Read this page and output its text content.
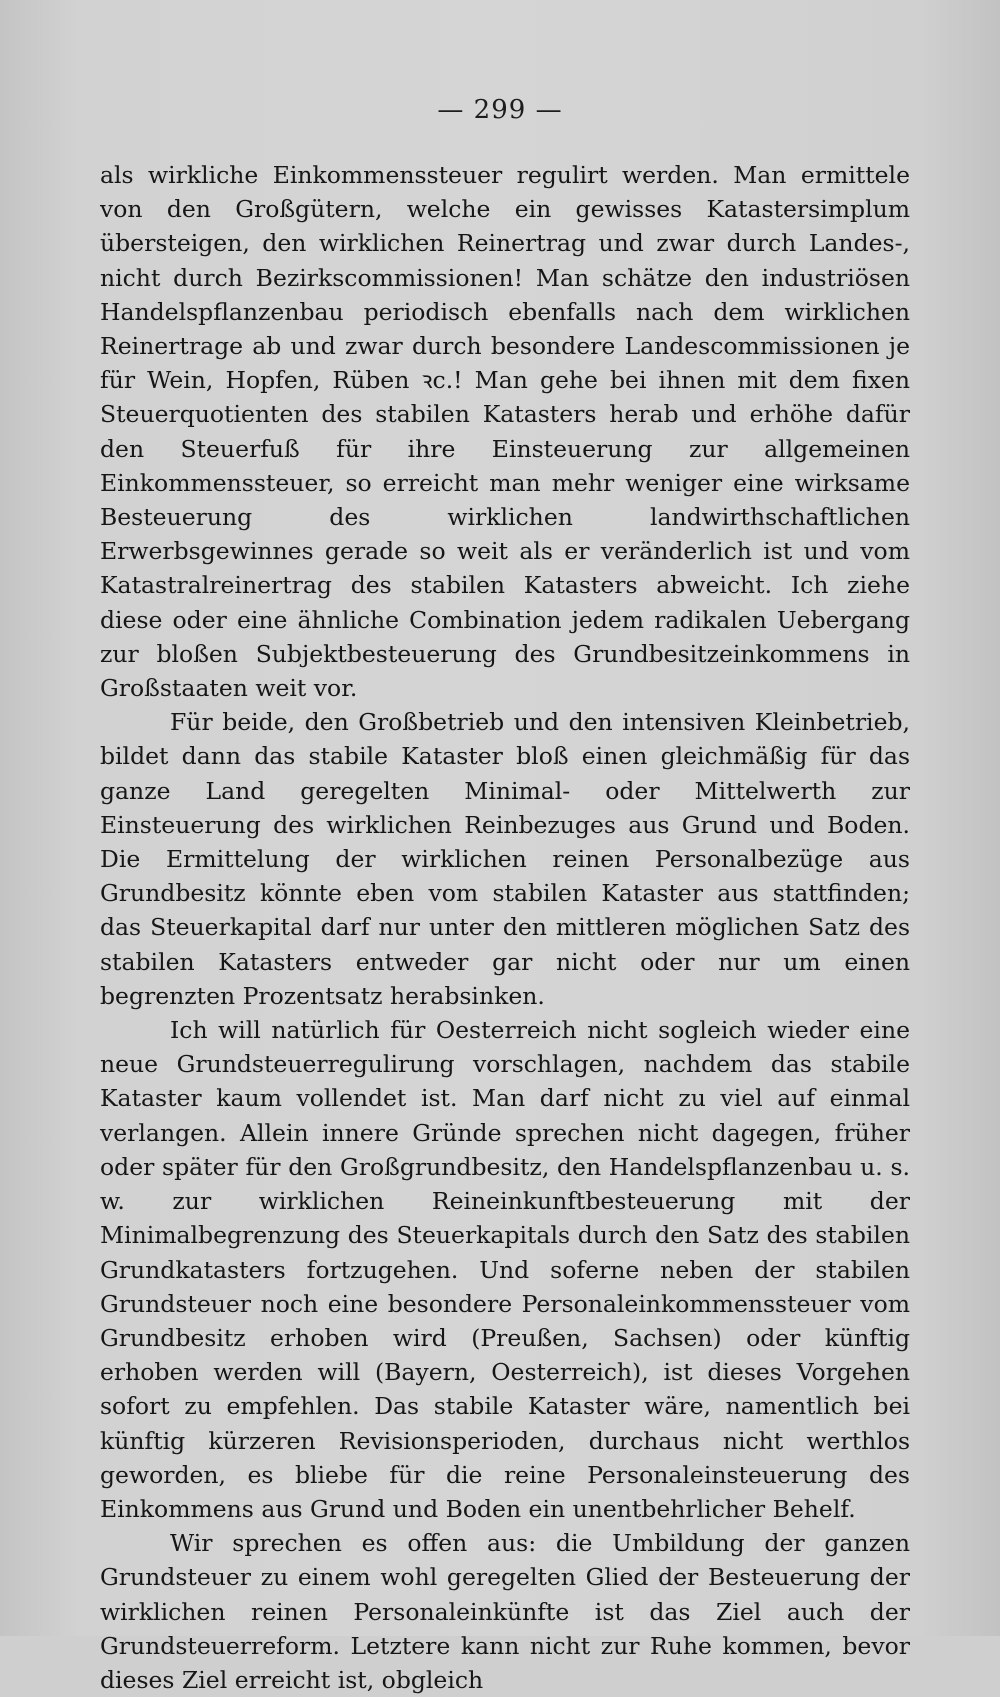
— 299 —

als wirkliche Einkommenssteuer regulirt werden. Man ermittele von den Großgütern, welche ein gewisses Katastersimplum übersteigen, den wirklichen Reinertrag und zwar durch Landes-, nicht durch Bezirkscommissionen! Man schätze den industriösen Handelspflanzenbau periodisch ebenfalls nach dem wirklichen Reinertrage ab und zwar durch besondere Landescommissionen je für Wein, Hopfen, Rüben ꝛc.! Man gehe bei ihnen mit dem fixen Steuerquotienten des stabilen Katasters herab und erhöhe dafür den Steuerfuß für ihre Einsteuerung zur allgemeinen Einkommenssteuer, so erreicht man mehr weniger eine wirksame Besteuerung des wirklichen landwirthschaftlichen Erwerbsgewinnes gerade so weit als er veränderlich ist und vom Katastralreinertrag des stabilen Katasters abweicht. Ich ziehe diese oder eine ähnliche Combination jedem radikalen Uebergang zur bloßen Subjektbesteuerung des Grundbesitzeinkommens in Großstaaten weit vor.

Für beide, den Großbetrieb und den intensiven Kleinbetrieb, bildet dann das stabile Kataster bloß einen gleichmäßig für das ganze Land geregelten Minimal- oder Mittelwerth zur Einsteuerung des wirklichen Reinbezuges aus Grund und Boden. Die Ermittelung der wirklichen reinen Personalbezüge aus Grundbesitz könnte eben vom stabilen Kataster aus stattfinden; das Steuerkapital darf nur unter den mittleren möglichen Satz des stabilen Katasters entweder gar nicht oder nur um einen begrenzten Prozentsatz herabsinken.

Ich will natürlich für Oesterreich nicht sogleich wieder eine neue Grundsteuerregulirung vorschlagen, nachdem das stabile Kataster kaum vollendet ist. Man darf nicht zu viel auf einmal verlangen. Allein innere Gründe sprechen nicht dagegen, früher oder später für den Großgrundbesitz, den Handelspflanzenbau u. s. w. zur wirklichen Reineinkunftbesteuerung mit der Minimalbegrenzung des Steuerkapitals durch den Satz des stabilen Grundkatasters fortzugehen. Und soferne neben der stabilen Grundsteuer noch eine besondere Personaleinkommenssteuer vom Grundbesitz erhoben wird (Preußen, Sachsen) oder künftig erhoben werden will (Bayern, Oesterreich), ist dieses Vorgehen sofort zu empfehlen. Das stabile Kataster wäre, namentlich bei künftig kürzeren Revisionsperioden, durchaus nicht werthlos geworden, es bliebe für die reine Personaleinsteuerung des Einkommens aus Grund und Boden ein unentbehrlicher Behelf.

Wir sprechen es offen aus: die Umbildung der ganzen Grundsteuer zu einem wohl geregelten Glied der Besteuerung der wirklichen reinen Personaleinkünfte ist das Ziel auch der Grundsteuerreform. Letztere kann nicht zur Ruhe kommen, bevor dieses Ziel erreicht ist, obgleich
